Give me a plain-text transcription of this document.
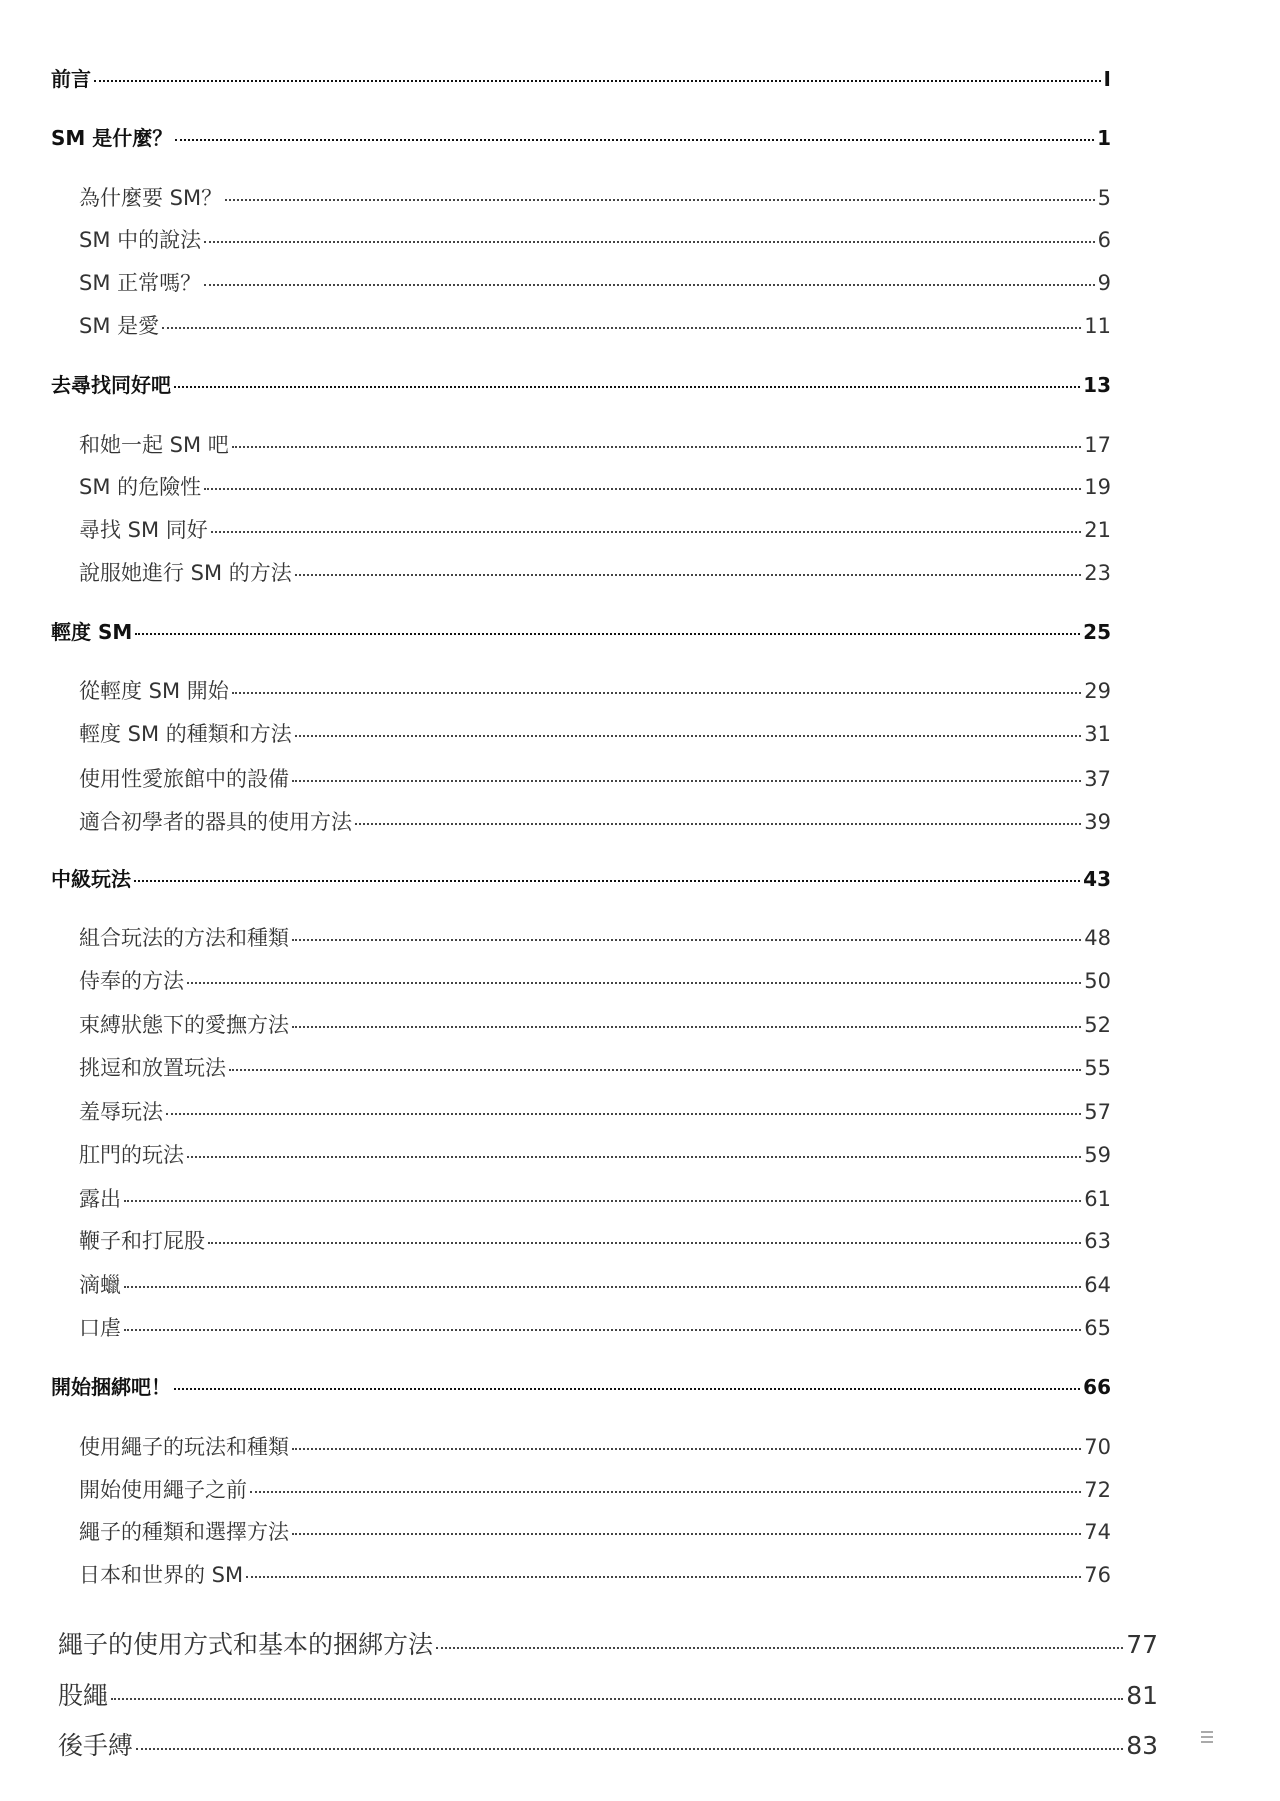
前言	I
SM 是什麼？	1
為什麼要 SM？	5
SM 中的說法	6
SM 正常嗎？	9
SM 是愛	11
去尋找同好吧	13
和她一起 SM 吧	17
SM 的危險性	19
尋找 SM 同好	21
說服她進行 SM 的方法	23
輕度 SM	25
從輕度 SM 開始	29
輕度 SM 的種類和方法	31
使用性愛旅館中的設備	37
適合初學者的器具的使用方法	39
中級玩法	43
組合玩法的方法和種類	48
侍奉的方法	50
束縛狀態下的愛撫方法	52
挑逗和放置玩法	55
羞辱玩法	57
肛門的玩法	59
露出	61
鞭子和打屁股	63
滴蠟	64
口虐	65
開始捆綁吧！	66
使用繩子的玩法和種類	70
開始使用繩子之前	72
繩子的種類和選擇方法	74
日本和世界的 SM	76
繩子的使用方式和基本的捆綁方法	77
股繩	81
後手縛	83
